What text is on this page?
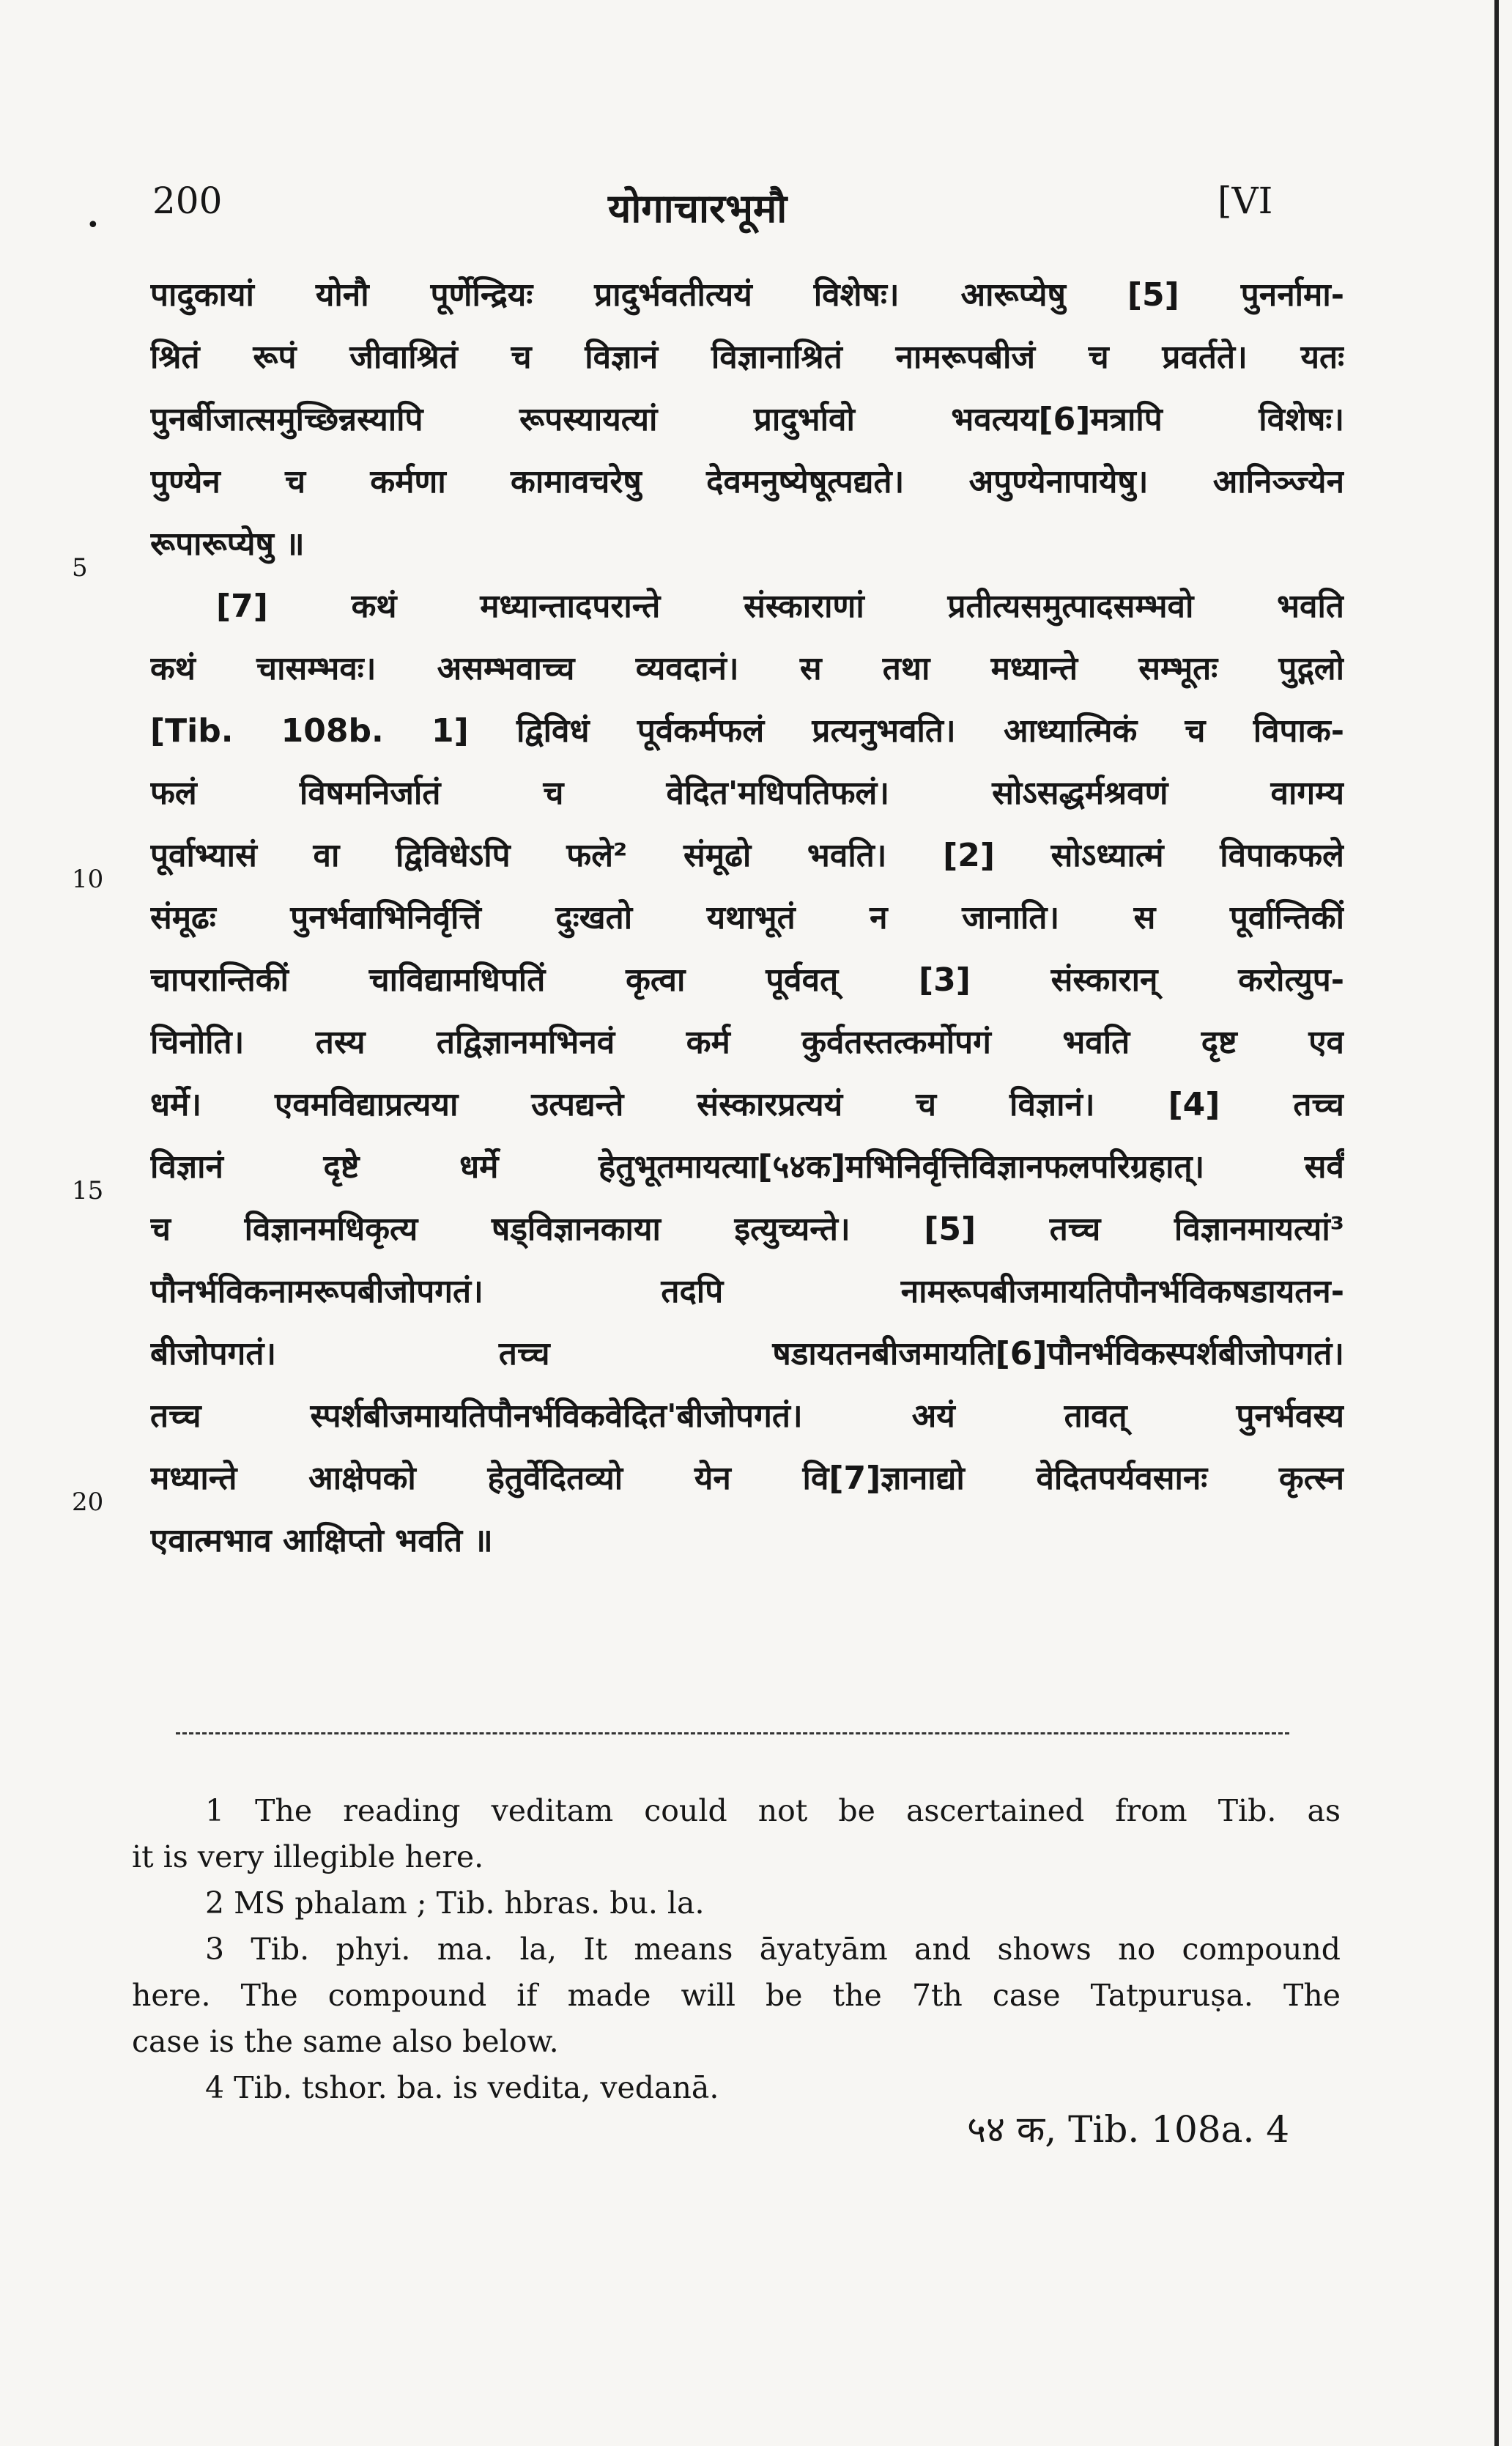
•
200	योगाचारभूमौ	[VI
पादुकायां योनौ पूर्णेन्द्रियः प्रादुर्भवतीत्ययं विशेषः। आरूप्येषु [5] पुनर्नामा-
श्रितं रूपं जीवाश्रितं च विज्ञानं विज्ञानाश्रितं नामरूपबीजं च प्रवर्तते। यतः
पुनर्बीजात्समुच्छिन्नस्यापि रूपस्यायत्यां प्रादुर्भावो भवत्यय[6]मत्रापि विशेषः।
पुण्येन च कर्मणा कामावचरेषु देवमनुष्येषूत्पद्यते। अपुण्येनापायेषु। आनिञ्ज्येन
रूपारूप्येषु ॥
[7] कथं मध्यान्तादपरान्ते संस्काराणां प्रतीत्यसमुत्पादसम्भवो भवति
कथं चासम्भवः। असम्भवाच्च व्यवदानं। स तथा मध्यान्ते सम्भूतः पुद्गलो
[Tib. 108b. 1] द्विविधं पूर्वकर्मफलं प्रत्यनुभवति। आध्यात्मिकं च विपाक-
फलं विषमनिर्जातं च वेदित'मधिपतिफलं। सोऽसद्धर्मश्रवणं वागम्य
पूर्वाभ्यासं वा द्विविधेऽपि फले² संमूढो भवति। [2] सोऽध्यात्मं विपाकफले
संमूढः पुनर्भवाभिनिर्वृत्तिं दुःखतो यथाभूतं न जानाति। स पूर्वान्तिकीं
चापरान्तिकीं चाविद्यामधिपतिं कृत्वा पूर्ववत् [3] संस्कारान् करोत्युप-
चिनोति। तस्य तद्विज्ञानमभिनवं कर्म कुर्वतस्तत्कर्मोपगं भवति दृष्ट एव
धर्मे। एवमविद्याप्रत्यया उत्पद्यन्ते संस्कारप्रत्ययं च विज्ञानं। [4] तच्च
विज्ञानं दृष्टे धर्मे हेतुभूतमायत्या[५४क]मभिनिर्वृत्तिविज्ञानफलपरिग्रहात्। सर्वं
च विज्ञानमधिकृत्य षड्विज्ञानकाया इत्युच्यन्ते। [5] तच्च विज्ञानमायत्यां³
पौनर्भविकनामरूपबीजोपगतं। तदपि नामरूपबीजमायतिपौनर्भविकषडायतन-
बीजोपगतं। तच्च षडायतनबीजमायति[6]पौनर्भविकस्पर्शबीजोपगतं।
तच्च स्पर्शबीजमायतिपौनर्भविकवेदित'बीजोपगतं। अयं तावत् पुनर्भवस्य
मध्यान्ते आक्षेपको हेतुर्वेदितव्यो येन वि[7]ज्ञानाद्यो वेदितपर्यवसानः कृत्स्न
एवात्मभाव आक्षिप्तो भवति ॥
5
10
15
20
1 The reading veditam could not be ascertained from Tib. as
it is very illegible here.
2 MS phalam ; Tib. hbras. bu. la.
3 Tib. phyi. ma. la, It means āyatyām and shows no compound
here. The compound if made will be the 7th case Tatpuruṣa. The
case is the same also below.
4 Tib. tshor. ba. is vedita, vedanā.
५४ क, Tib. 108a. 4
